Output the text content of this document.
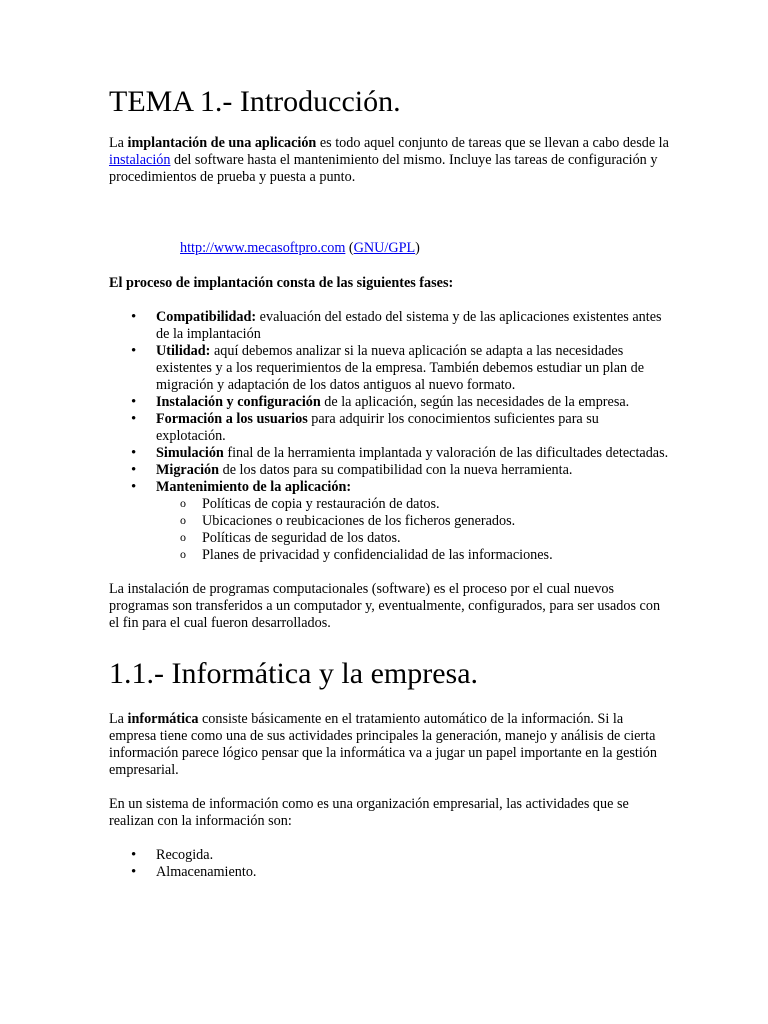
TEMA 1.- Introducción.

La implantación de una aplicación es todo aquel conjunto de tareas que se llevan a cabo desde la instalación del software hasta el mantenimiento del mismo. Incluye las tareas de configuración y procedimientos de prueba y puesta a punto.

http://www.mecasoftpro.com (GNU/GPL)

El proceso de implantación consta de las siguientes fases:

• Compatibilidad: evaluación del estado del sistema y de las aplicaciones existentes antes de la implantación
• Utilidad: aquí debemos analizar si la nueva aplicación se adapta a las necesidades existentes y a los requerimientos de la empresa. También debemos estudiar un plan de migración y adaptación de los datos antiguos al nuevo formato.
• Instalación y configuración de la aplicación, según las necesidades de la empresa.
• Formación a los usuarios para adquirir los conocimientos suficientes para su explotación.
• Simulación final de la herramienta implantada y valoración de las dificultades detectadas.
• Migración de los datos para su compatibilidad con la nueva herramienta.
• Mantenimiento de la aplicación:
o Políticas de copia y restauración de datos.
o Ubicaciones o reubicaciones de los ficheros generados.
o Políticas de seguridad de los datos.
o Planes de privacidad y confidencialidad de las informaciones.

La instalación de programas computacionales (software) es el proceso por el cual nuevos programas son transferidos a un computador y, eventualmente, configurados, para ser usados con el fin para el cual fueron desarrollados.

1.1.- Informática y la empresa.

La informática consiste básicamente en el tratamiento automático de la información. Si la empresa tiene como una de sus actividades principales la generación, manejo y análisis de cierta información parece lógico pensar que la informática va a jugar un papel importante en la gestión empresarial.

En un sistema de información como es una organización empresarial, las actividades que se realizan con la información son:

• Recogida.
• Almacenamiento.
